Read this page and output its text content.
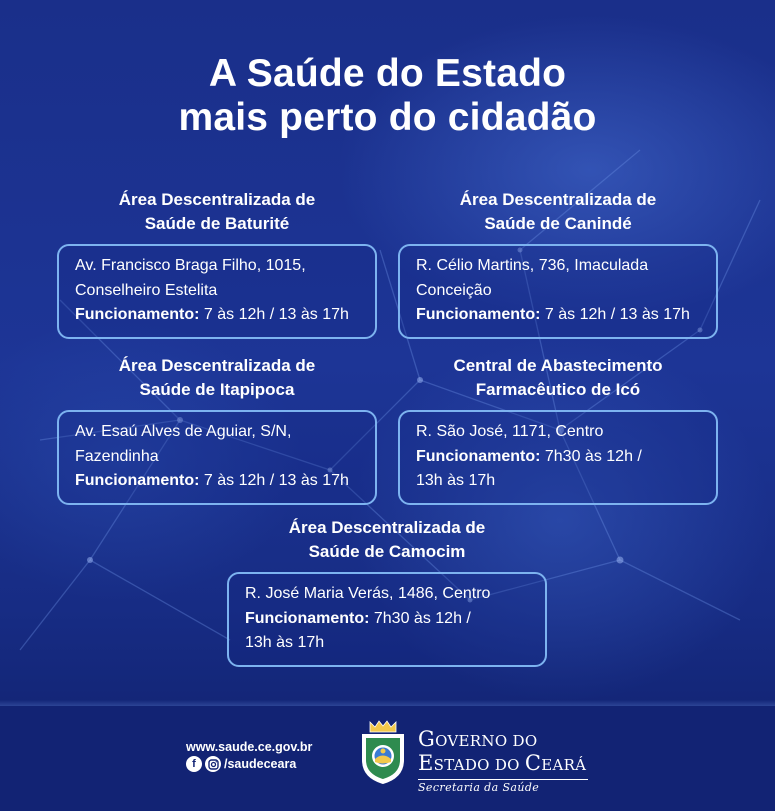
A Saúde do Estado
mais perto do cidadão
Área Descentralizada de
Saúde de Baturité
Av. Francisco Braga Filho, 1015,
Conselheiro Estelita
Funcionamento: 7 às 12h / 13 às 17h
Área Descentralizada de
Saúde de Canindé
R. Célio Martins, 736, Imaculada
Conceição
Funcionamento: 7 às 12h / 13 às 17h
Área Descentralizada de
Saúde de Itapipoca
Av. Esaú Alves de Aguiar, S/N,
Fazendinha
Funcionamento: 7 às 12h / 13 às 17h
Central de Abastecimento
Farmacêutico de Icó
R. São José, 1171, Centro
Funcionamento: 7h30 às 12h /
13h às 17h
Área Descentralizada de
Saúde de Camocim
R. José Maria Verás, 1486, Centro
Funcionamento: 7h30 às 12h /
13h às 17h
www.saude.ce.gov.br
f	/saudeceara
GOVERNO DO
ESTADO DO CEARÁ
Secretaria da Saúde
